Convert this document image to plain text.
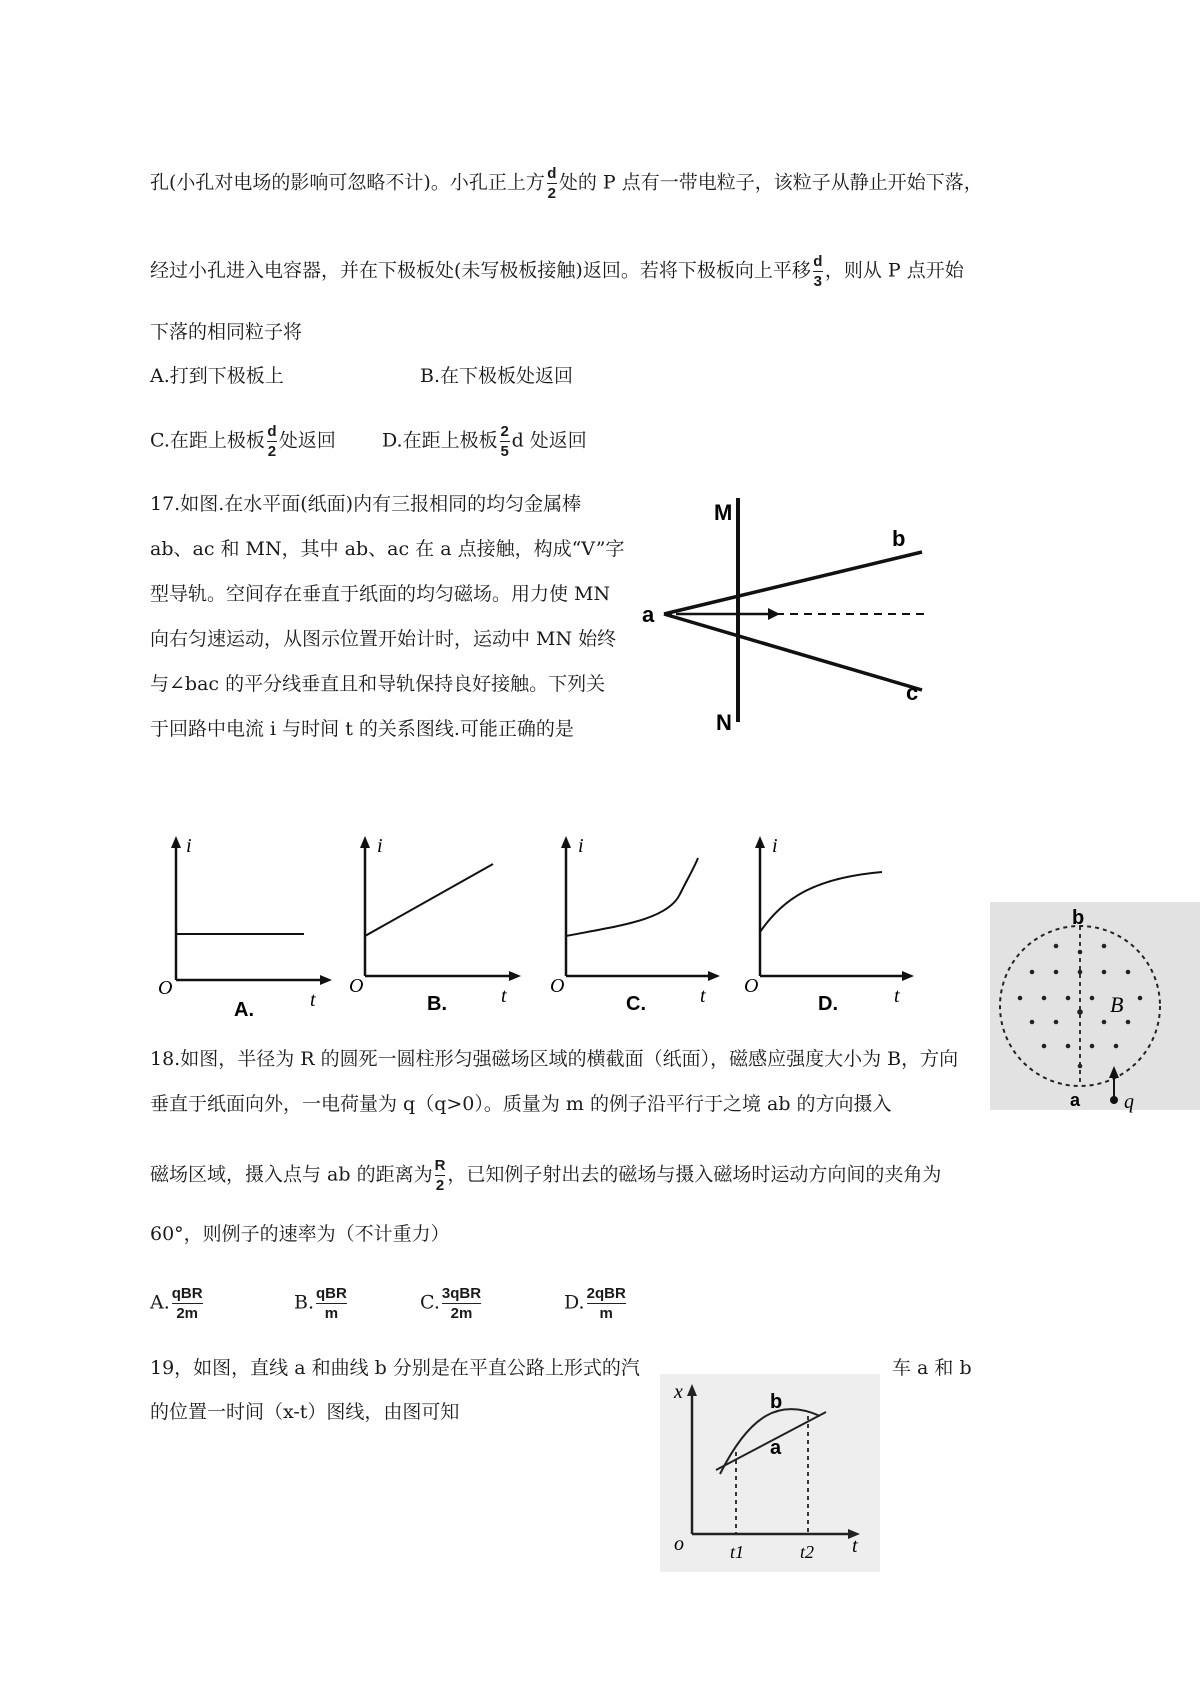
孔(小孔对电场的影响可忽略不计)。小孔正上方 $\frac{d}{2}$ 处的 P 点有一带电粒子，该粒子从静止开始下落，
经过小孔进入电容器，并在下极板处(未写极板接触)返回。若将下极板向上平移 $\frac{d}{3}$ ，则从 P 点开始
下落的相同粒子将
A.打到下极板上	B.在下极板处返回
C.在距上极板 $\frac{d}{2}$ 处返回 D.在距上极板 $\frac{2}{5}$ d 处返回
17.如图.在水平面(纸面)内有三报相同的均匀金属棒
ab、ac 和 MN，其中 ab、ac 在 a 点接触，构成“V”字
型导轨。空间存在垂直于纸面的均匀磁场。用力使 MN
向右匀速运动，从图示位置开始计时，运动中 MN 始终
与∠bac 的平分线垂直且和导轨保持良好接触。下列关
于回路中电流 i 与时间 t 的关系图线.可能正确的是
M
N
a
b
c
i
O
t
A.
i
O	t
B.
i
O	t
C.
i
O	t
D.
b
B
a q
18.如图，半径为 R 的圆死一圆柱形匀强磁场区域的横截面（纸面），磁感应强度大小为 B，方向
垂直于纸面向外，一电荷量为 q（q>0）。质量为 m 的例子沿平行于之境 ab 的方向摄入
磁场区域，摄入点与 ab 的距离为 $\frac{R}{2}$ ，已知例子射出去的磁场与摄入磁场时运动方向间的夹角为
60°，则例子的速率为（不计重力）
A. $\frac{\text{qBR}}{2m}$	B. $\frac{\text{qBR}}{m}$	C. $\frac{\text{3qBR}}{2m}$	D. $\frac{\text{2qBR}}{m}$
19，如图，直线 a 和曲线 b 分别是在平直公路上形式的汽	车 a 和 b
的位置一时间（x-t）图线，由图可知
x
o	t
b
a
t1	t2
